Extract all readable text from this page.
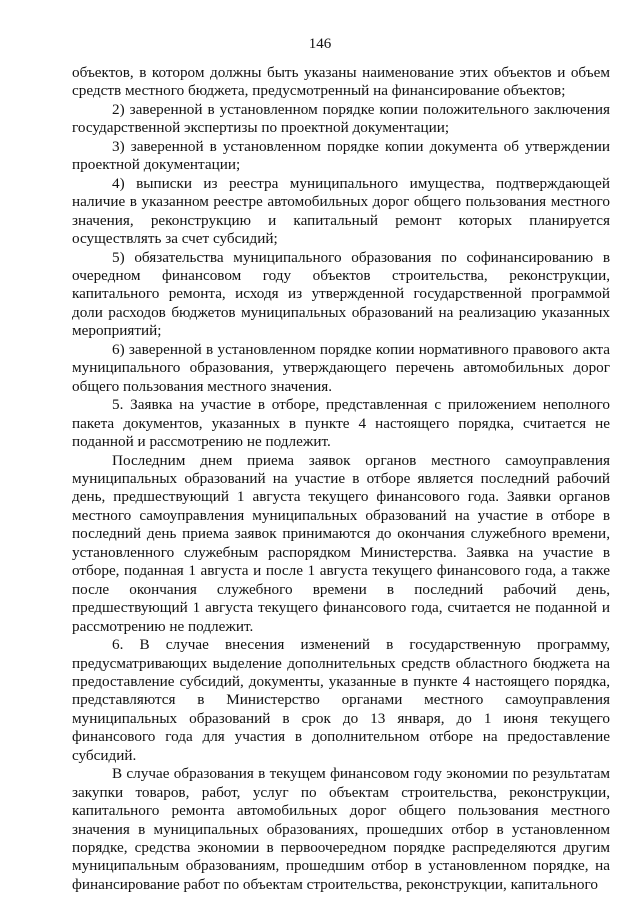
146

объектов, в котором должны быть указаны наименование этих объектов и объем средств местного бюджета, предусмотренный на финансирование объектов;

2) заверенной в установленном порядке копии положительного заключения государственной экспертизы по проектной документации;

3) заверенной в установленном порядке копии документа об утверждении проектной документации;

4) выписки из реестра муниципального имущества, подтверждающей наличие в указанном реестре автомобильных дорог общего пользования местного значения, реконструкцию и капитальный ремонт которых планируется осуществлять за счет субсидий;

5) обязательства муниципального образования по софинансированию в очередном финансовом году объектов строительства, реконструкции, капитального ремонта, исходя из утвержденной государственной программой доли расходов бюджетов муниципальных образований на реализацию указанных мероприятий;

6) заверенной в установленном порядке копии нормативного правового акта муниципального образования, утверждающего перечень автомобильных дорог общего пользования местного значения.

5. Заявка на участие в отборе, представленная с приложением неполного пакета документов, указанных в пункте 4 настоящего порядка, считается не поданной и рассмотрению не подлежит.

Последним днем приема заявок органов местного самоуправления муниципальных образований на участие в отборе является последний рабочий день, предшествующий 1 августа текущего финансового года. Заявки органов местного самоуправления муниципальных образований на участие в отборе в последний день приема заявок принимаются до окончания служебного времени, установленного служебным распорядком Министерства. Заявка на участие в отборе, поданная 1 августа и после 1 августа текущего финансового года, а также после окончания служебного времени в последний рабочий день, предшествующий 1 августа текущего финансового года, считается не поданной и рассмотрению не подлежит.

6. В случае внесения изменений в государственную программу, предусматривающих выделение дополнительных средств областного бюджета на предоставление субсидий, документы, указанные в пункте 4 настоящего порядка, представляются в Министерство органами местного самоуправления муниципальных образований в срок до 13 января, до 1 июня текущего финансового года для участия в дополнительном отборе на предоставление субсидий.

В случае образования в текущем финансовом году экономии по результатам закупки товаров, работ, услуг по объектам строительства, реконструкции, капитального ремонта автомобильных дорог общего пользования местного значения в муниципальных образованиях, прошедших отбор в установленном порядке, средства экономии в первоочередном порядке распределяются другим муниципальным образованиям, прошедшим отбор в установленном порядке, на финансирование работ по объектам строительства, реконструкции, капитального
